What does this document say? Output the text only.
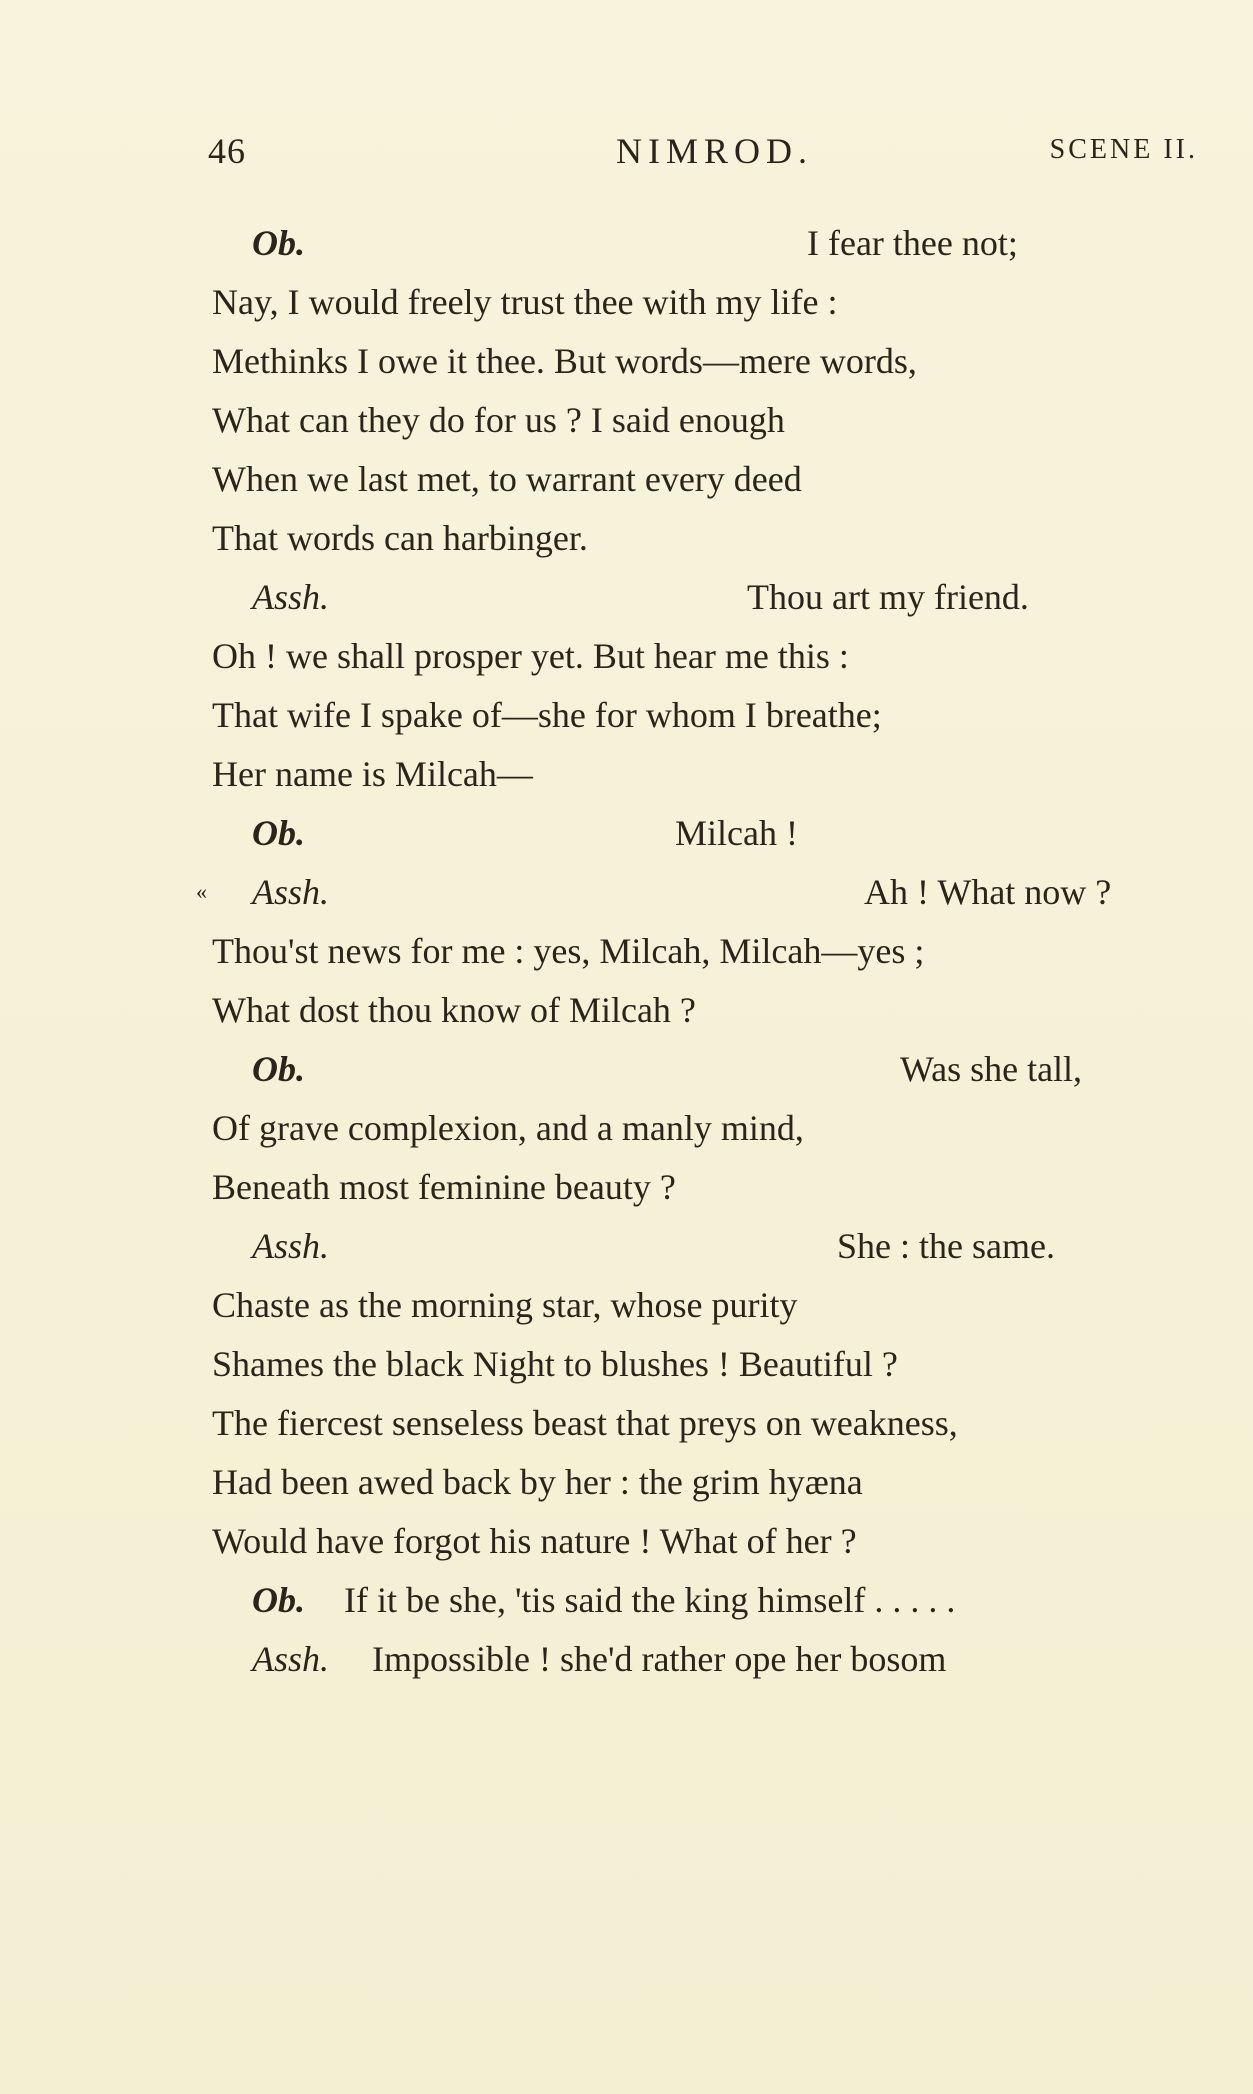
46	NIMROD.	SCENE II.
Ob.	I fear thee not;
Nay, I would freely trust thee with my life :
Methinks I owe it thee. But words—mere words,
What can they do for us ? I said enough
When we last met, to warrant every deed
That words can harbinger.
Assh.	Thou art my friend.
Oh ! we shall prosper yet. But hear me this :
That wife I spake of—she for whom I breathe;
Her name is Milcah—
Ob.	Milcah !
« Assh.	Ah ! What now ?
Thou'st news for me : yes, Milcah, Milcah—yes ;
What dost thou know of Milcah ?
Ob.	Was she tall,
Of grave complexion, and a manly mind,
Beneath most feminine beauty ?
Assh.	She : the same.
Chaste as the morning star, whose purity
Shames the black Night to blushes ! Beautiful ?
The fiercest senseless beast that preys on weakness,
Had been awed back by her : the grim hyæna
Would have forgot his nature ! What of her ?
Ob. If it be she, 'tis said the king himself . . . . .
Assh. Impossible ! she'd rather ope her bosom
